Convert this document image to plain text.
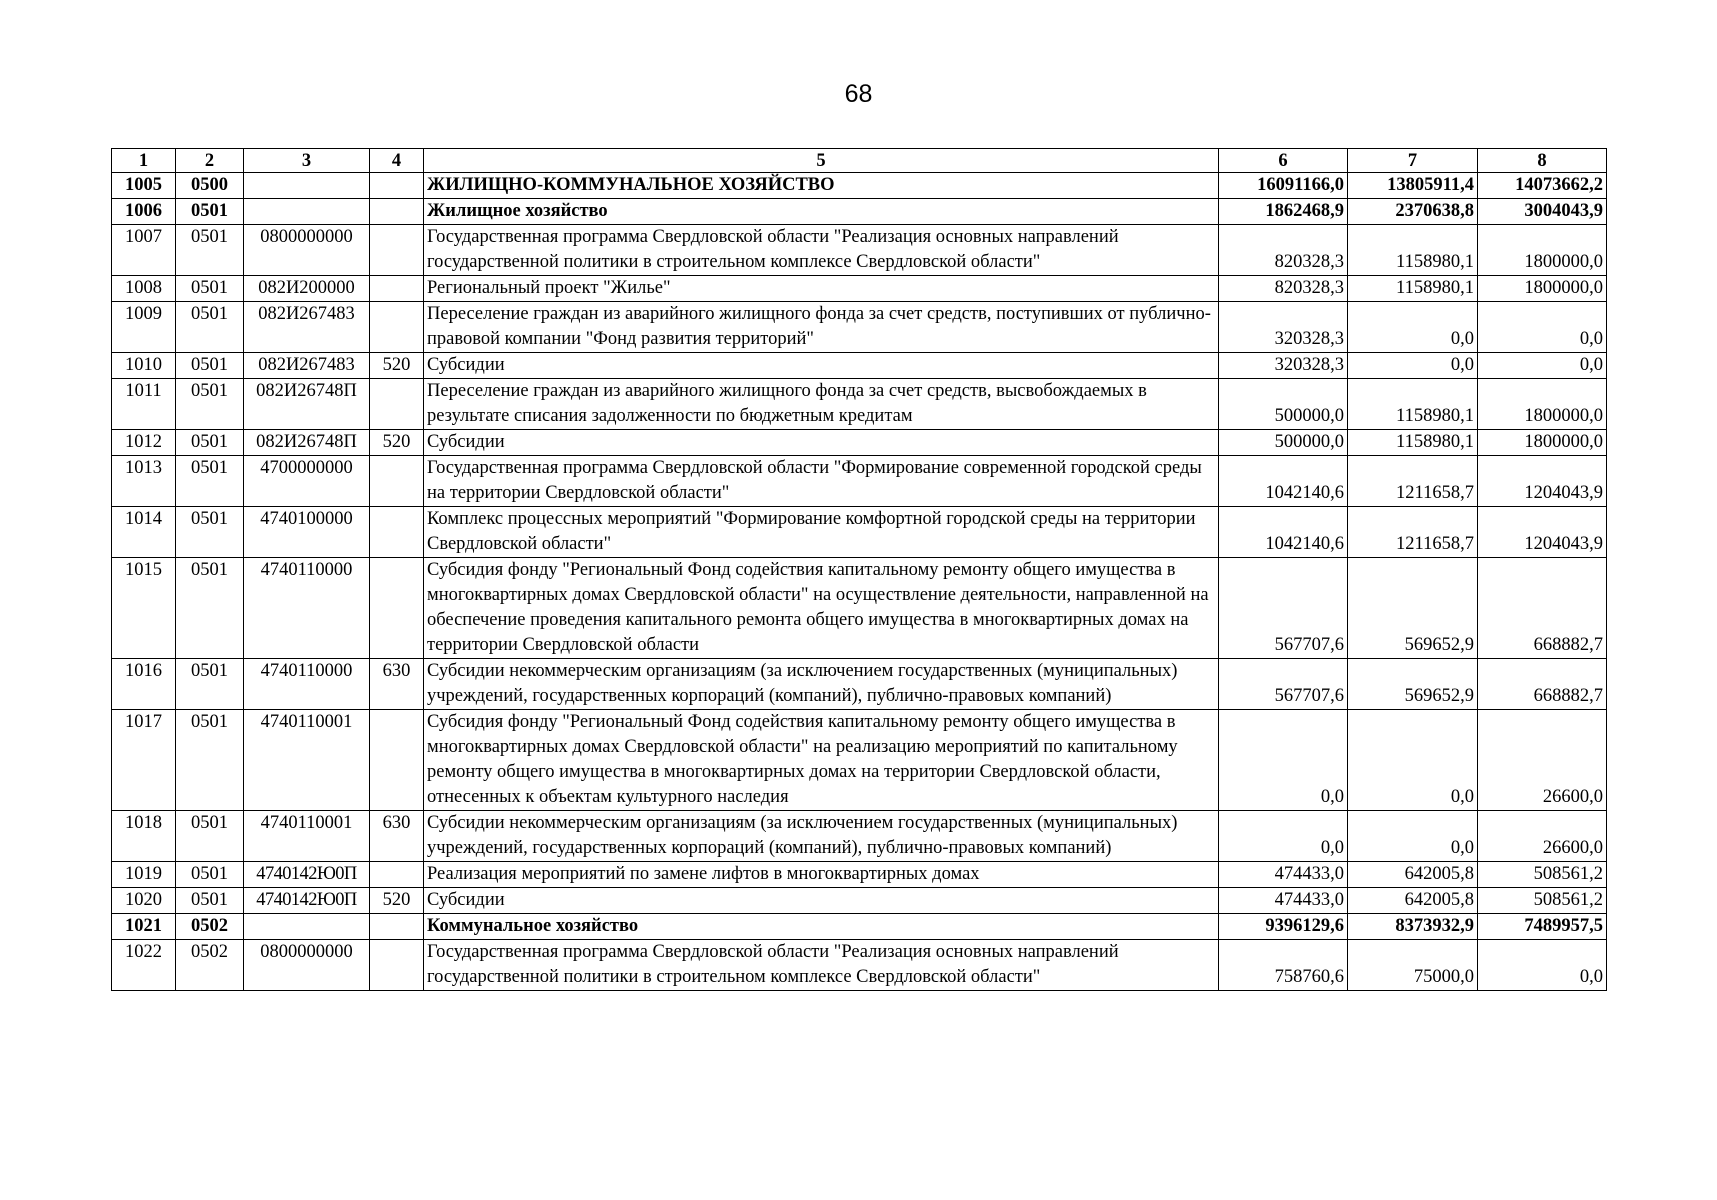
68
1	2	3	4	5	6	7	8
1005	0500			ЖИЛИЩНО-КОММУНАЛЬНОЕ ХОЗЯЙСТВО	16091166,0	13805911,4	14073662,2
1006	0501			Жилищное хозяйство	1862468,9	2370638,8	3004043,9
1007	0501	0800000000		Государственная программа Свердловской области "Реализация основных направлений государственной политики в строительном комплексе Свердловской области"	820328,3	1158980,1	1800000,0
1008	0501	082И200000		Региональный проект "Жилье"	820328,3	1158980,1	1800000,0
1009	0501	082И267483		Переселение граждан из аварийного жилищного фонда за счет средств, поступивших от публично-правовой компании "Фонд развития территорий"	320328,3	0,0	0,0
1010	0501	082И267483	520	Субсидии	320328,3	0,0	0,0
1011	0501	082И26748П		Переселение граждан из аварийного жилищного фонда за счет средств, высвобождаемых в результате списания задолженности по бюджетным кредитам	500000,0	1158980,1	1800000,0
1012	0501	082И26748П	520	Субсидии	500000,0	1158980,1	1800000,0
1013	0501	4700000000		Государственная программа Свердловской области "Формирование современной городской среды на территории Свердловской области"	1042140,6	1211658,7	1204043,9
1014	0501	4740100000		Комплекс процессных мероприятий "Формирование комфортной городской среды на территории Свердловской области"	1042140,6	1211658,7	1204043,9
1015	0501	4740110000		Субсидия фонду "Региональный Фонд содействия капитальному ремонту общего имущества в многоквартирных домах Свердловской области" на осуществление деятельности, направленной на обеспечение проведения капитального ремонта общего имущества в многоквартирных домах на территории Свердловской области	567707,6	569652,9	668882,7
1016	0501	4740110000	630	Субсидии некоммерческим организациям (за исключением государственных (муниципальных) учреждений, государственных корпораций (компаний), публично-правовых компаний)	567707,6	569652,9	668882,7
1017	0501	4740110001		Субсидия фонду "Региональный Фонд содействия капитальному ремонту общего имущества в многоквартирных домах Свердловской области" на реализацию мероприятий по капитальному ремонту общего имущества в многоквартирных домах на территории Свердловской области, отнесенных к объектам культурного наследия	0,0	0,0	26600,0
1018	0501	4740110001	630	Субсидии некоммерческим организациям (за исключением государственных (муниципальных) учреждений, государственных корпораций (компаний), публично-правовых компаний)	0,0	0,0	26600,0
1019	0501	4740142Ю0П		Реализация мероприятий по замене лифтов в многоквартирных домах	474433,0	642005,8	508561,2
1020	0501	4740142Ю0П	520	Субсидии	474433,0	642005,8	508561,2
1021	0502			Коммунальное хозяйство	9396129,6	8373932,9	7489957,5
1022	0502	0800000000		Государственная программа Свердловской области "Реализация основных направлений государственной политики в строительном комплексе Свердловской области"	758760,6	75000,0	0,0
